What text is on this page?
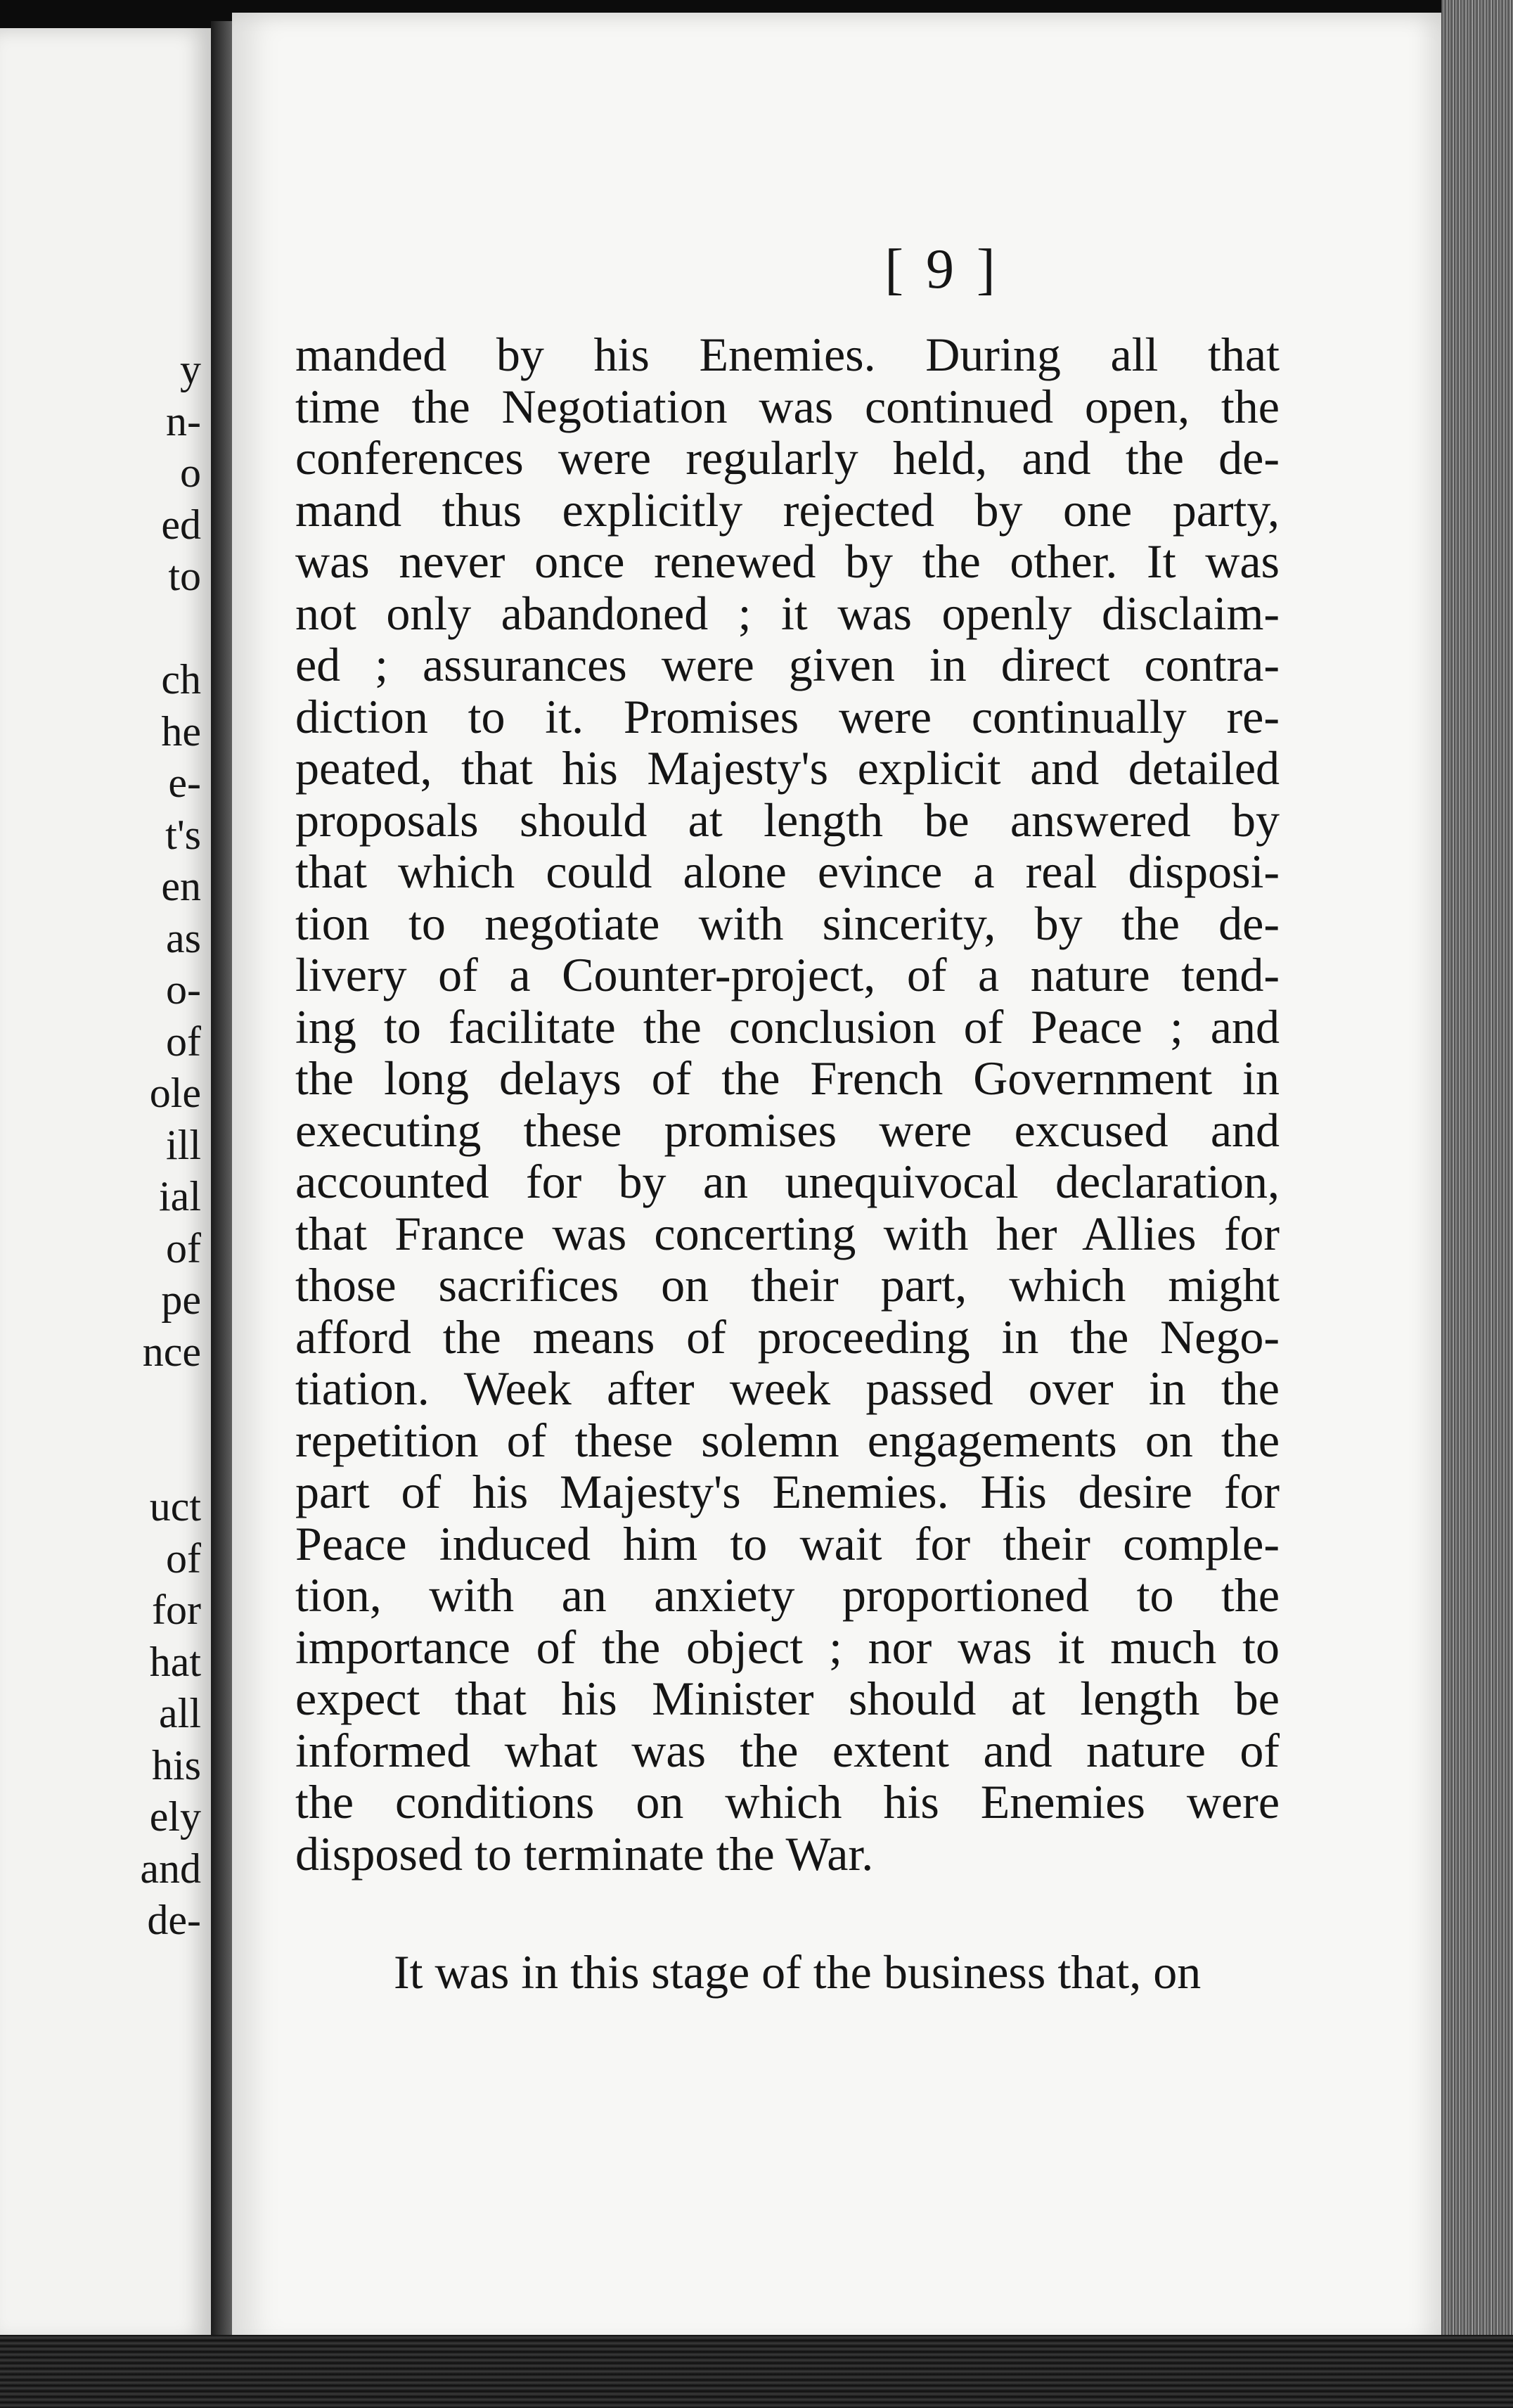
y
n-
o
ed
to
ch
he
e-
t's
en
as
o-
of
ole
ill
ial
of
pe
nce
uct
of
for
hat
all
his
ely
and
de-
[ 9 ]
manded by his Enemies. During all that
time the Negotiation was continued open, the
conferences were regularly held, and the de-
mand thus explicitly rejected by one party,
was never once renewed by the other. It was
not only abandoned ; it was openly disclaim-
ed ; assurances were given in direct contra-
diction to it. Promises were continually re-
peated, that his Majesty's explicit and detailed
proposals should at length be answered by
that which could alone evince a real disposi-
tion to negotiate with sincerity, by the de-
livery of a Counter-project, of a nature tend-
ing to facilitate the conclusion of Peace ; and
the long delays of the French Government in
executing these promises were excused and
accounted for by an unequivocal declaration,
that France was concerting with her Allies for
those sacrifices on their part, which might
afford the means of proceeding in the Nego-
tiation. Week after week passed over in the
repetition of these solemn engagements on the
part of his Majesty's Enemies. His desire for
Peace induced him to wait for their comple-
tion, with an anxiety proportioned to the
importance of the object ; nor was it much to
expect that his Minister should at length be
informed what was the extent and nature of
the conditions on which his Enemies were
disposed to terminate the War.
It was in this stage of the business that, on
